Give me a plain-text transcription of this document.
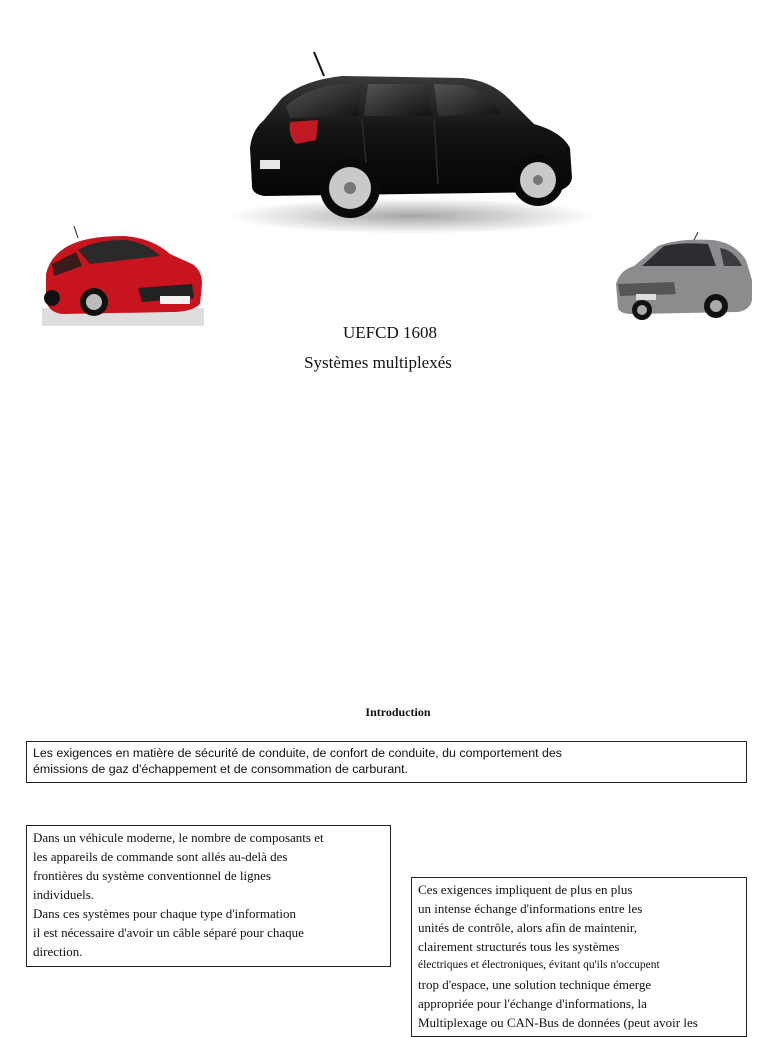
UEFCD 1608
Systèmes multiplexés
Introduction
Les exigences en matière de sécurité de conduite, de confort de conduite, du comportement des
émissions de gaz d'échappement et de consommation de carburant.
Dans un véhicule moderne, le nombre de composants et
les appareils de commande sont allés au-delà des
frontières du système conventionnel de lignes
individuels.
Dans ces systèmes pour chaque type d'information
il est nécessaire d'avoir un câble séparé pour chaque
direction.
Ces exigences impliquent de plus en plus
un intense échange d'informations entre les
unités de contrôle, alors afin de maintenir,
clairement structurés tous les systèmes
électriques et électroniques, évitant qu'ils n'occupent
trop d'espace, une solution technique émerge
appropriée pour l'échange d'informations, la
Multiplexage ou CAN-Bus de données (peut avoir les
